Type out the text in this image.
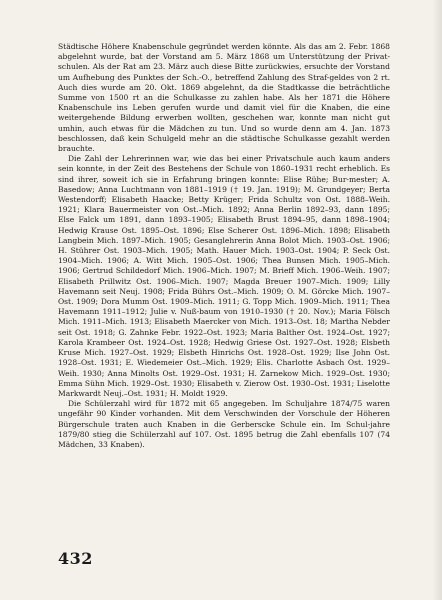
Städtische Höhere Knabenschule gegründet werden könnte. Als das am 2. Febr. 1868 abgelehnt wurde, bat der Vorstand am 5. März 1868 um Unterstützung der Privat-schulen. Als der Rat am 23. März auch diese Bitte zurückwies, ersuchte der Vorstand um Aufhebung des Punktes der Sch.-O., betreffend Zahlung des Straf-geldes von 2 rt. Auch dies wurde am 20. Okt. 1869 abgelehnt, da die Stadtkasse die beträchtliche Summe von 1500 rt an die Schulkasse zu zahlen habe. Als her 1871 die Höhere Knabenschule ins Leben gerufen wurde und damit viel für die Knaben, die eine weitergehende Bildung erwerben wollten, geschehen war, konnte man nicht gut umhin, auch etwas für die Mädchen zu tun. Und so wurde denn am 4. Jan. 1873 beschlossen, daß kein Schulgeld mehr an die städtische Schulkasse gezahlt werden brauchte.

Die Zahl der Lehrerinnen war, wie das bei einer Privatschule auch kaum anders sein konnte, in der Zeit des Bestehens der Schule von 1860–1931 recht erheblich. Es sind ihrer, soweit ich sie in Erfahrung bringen konnte: Elise Rühe; Bur-mester; A. Basedow; Anna Luchtmann von 1881–1919 († 19. Jan. 1919); M. Grundgeyer; Berta Westendorff; Elisabeth Haacke; Betty Krüger; Frida Schultz von Ost. 1888–Weih. 1921; Klara Bauermeister von Ost.–Mich. 1892; Anna Berlin 1892–93, dann 1895; Else Falck um 1891, dann 1893–1905; Elisabeth Brust 1894–95, dann 1898–1904; Hedwig Krause Ost. 1895–Ost. 1896; Else Scherer Ost. 1896–Mich. 1898; Elisabeth Langbein Mich. 1897–Mich. 1905; Gesanglehrerin Anna Bolot Mich. 1903–Ost. 1906; H. Stührer Ost. 1903–Mich. 1905; Math. Hauer Mich. 1903–Ost. 1904; P. Seck Ost. 1904–Mich. 1906; A. Witt Mich. 1905–Ost. 1906; Thea Bunsen Mich. 1905–Mich. 1906; Gertrud Schildedorf Mich. 1906–Mich. 1907; M. Brieff Mich. 1906–Weih. 1907; Elisabeth Prillwitz Ost. 1906–Mich. 1907; Magda Breuer 1907–Mich. 1909; Lilly Havemann seit Neuj. 1908; Frida Bührs Ost.–Mich. 1909; O. M. Görcke Mich. 1907–Ost. 1909; Dora Mumm Ost. 1909–Mich. 1911; G. Topp Mich. 1909–Mich. 1911; Thea Havemann 1911–1912; Julie v. Nuß-baum von 1910–1930 († 20. Nov.); Maria Fölsch Mich. 1911–Mich. 1913; Elisabeth Maercker von Mich. 1913–Ost. 18; Martha Nebder seit Ost. 1918; G. Zahnke Febr. 1922–Ost. 1923; Maria Balther Ost. 1924–Ost. 1927; Karola Krambeer Ost. 1924–Ost. 1928; Hedwig Griese Ost. 1927–Ost. 1928; Elsbeth Kruse Mich. 1927–Ost. 1929; Elsbeth Hinrichs Ost. 1928–Ost. 1929; Ilse John Ost. 1928–Ost. 1931; E. Wiedemeier Ost.–Mich. 1929; Elis. Charlotte Asbach Ost. 1929–Weih. 1930; Anna Minolts Ost. 1929–Ost. 1931; H. Zarnekow Mich. 1929–Ost. 1930; Emma Sühn Mich. 1929–Ost. 1930; Elisabeth v. Zierow Ost. 1930–Ost. 1931; Liselotte Markwardt Neuj.–Ost. 1931; H. Moldt 1929.

Die Schülerzahl wird für 1872 mit 65 angegeben. Im Schuljahre 1874/75 waren ungefähr 90 Kinder vorhanden. Mit dem Verschwinden der Vorschule der Höheren Bürgerschule traten auch Knaben in die Gerberscke Schule ein. Im Schul-jahre 1879/80 stieg die Schülerzahl auf 107. Ost. 1895 betrug die Zahl ebenfalls 107 (74 Mädchen, 33 Knaben).

432
